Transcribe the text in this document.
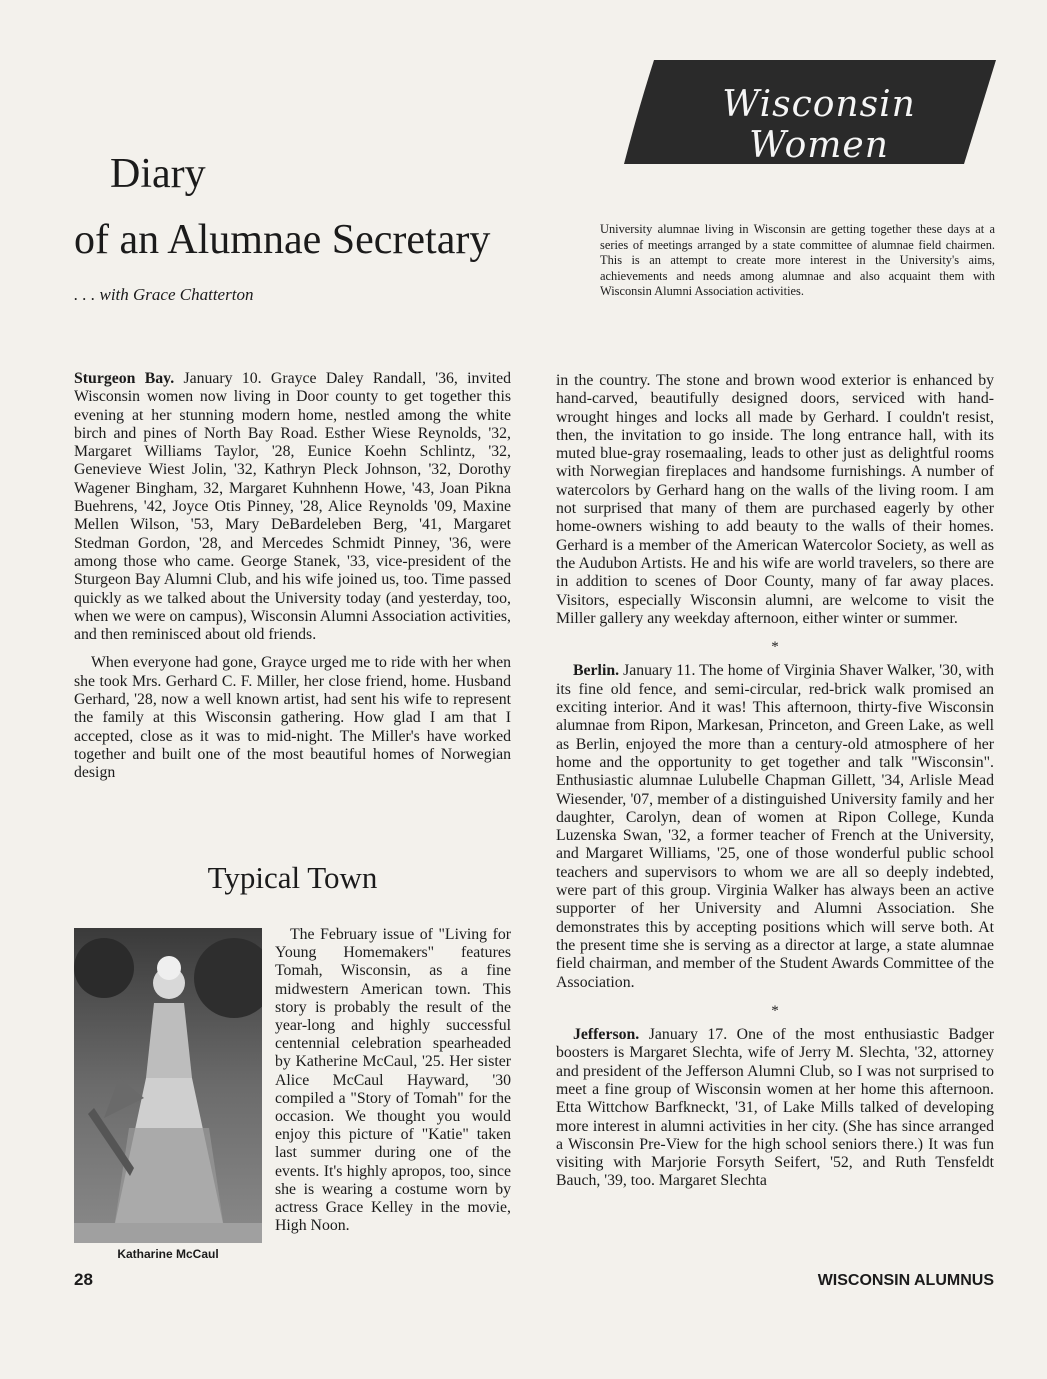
Wisconsin Women
Diary
of an Alumnae Secretary
. . . with Grace Chatterton
University alumnae living in Wisconsin are getting together these days at a series of meetings arranged by a state committee of alumnae field chairmen. This is an attempt to create more interest in the University's aims, achievements and needs among alumnae and also acquaint them with Wisconsin Alumni Association activities.

Sturgeon Bay. January 10. Grayce Daley Randall, '36, invited Wisconsin women now living in Door county to get together this evening at her stunning modern home, nestled among the white birch and pines of North Bay Road. Esther Wiese Reynolds, '32, Margaret Williams Taylor, '28, Eunice Koehn Schlintz, '32, Genevieve Wiest Jolin, '32, Kathryn Pleck Johnson, '32, Dorothy Wagener Bingham, 32, Margaret Kuhnhenn Howe, '43, Joan Pikna Buehrens, '42, Joyce Otis Pinney, '28, Alice Reynolds '09, Maxine Mellen Wilson, '53, Mary DeBardeleben Berg, '41, Margaret Stedman Gordon, '28, and Mercedes Schmidt Pinney, '36, were among those who came. George Stanek, '33, vice-president of the Sturgeon Bay Alumni Club, and his wife joined us, too. Time passed quickly as we talked about the University today (and yesterday, too, when we were on campus), Wisconsin Alumni Association activities, and then reminisced about old friends.

When everyone had gone, Grayce urged me to ride with her when she took Mrs. Gerhard C. F. Miller, her close friend, home. Husband Gerhard, '28, now a well known artist, had sent his wife to represent the family at this Wisconsin gathering. How glad I am that I accepted, close as it was to mid-night. The Miller's have worked together and built one of the most beautiful homes of Norwegian design

Typical Town
Katharine McCaul

The February issue of "Living for Young Homemakers" features Tomah, Wisconsin, as a fine midwestern American town. This story is probably the result of the year-long and highly successful centennial celebration spearheaded by Katherine McCaul, '25. Her sister Alice McCaul Hayward, '30 compiled a "Story of Tomah" for the occasion. We thought you would enjoy this picture of "Katie" taken last summer during one of the events. It's highly apropos, too, since she is wearing a costume worn by actress Grace Kelley in the movie, High Noon.

in the country. The stone and brown wood exterior is enhanced by hand-carved, beautifully designed doors, serviced with hand-wrought hinges and locks all made by Gerhard. I couldn't resist, then, the invitation to go inside. The long entrance hall, with its muted blue-gray rosemaaling, leads to other just as delightful rooms with Norwegian fireplaces and handsome furnishings. A number of watercolors by Gerhard hang on the walls of the living room. I am not surprised that many of them are purchased eagerly by other home-owners wishing to add beauty to the walls of their homes. Gerhard is a member of the American Watercolor Society, as well as the Audubon Artists. He and his wife are world travelers, so there are in addition to scenes of Door County, many of far away places. Visitors, especially Wisconsin alumni, are welcome to visit the Miller gallery any weekday afternoon, either winter or summer.

*

Berlin. January 11. The home of Virginia Shaver Walker, '30, with its fine old fence, and semi-circular, red-brick walk promised an exciting interior. And it was! This afternoon, thirty-five Wisconsin alumnae from Ripon, Markesan, Princeton, and Green Lake, as well as Berlin, enjoyed the more than a century-old atmosphere of her home and the opportunity to get together and talk "Wisconsin". Enthusiastic alumnae Lulubelle Chapman Gillett, '34, Arlisle Mead Wiesender, '07, member of a distinguished University family and her daughter, Carolyn, dean of women at Ripon College, Kunda Luzenska Swan, '32, a former teacher of French at the University, and Margaret Williams, '25, one of those wonderful public school teachers and supervisors to whom we are all so deeply indebted, were part of this group. Virginia Walker has always been an active supporter of her University and Alumni Association. She demonstrates this by accepting positions which will serve both. At the present time she is serving as a director at large, a state alumnae field chairman, and member of the Student Awards Committee of the Association.

*

Jefferson. January 17. One of the most enthusiastic Badger boosters is Margaret Slechta, wife of Jerry M. Slechta, '32, attorney and president of the Jefferson Alumni Club, so I was not surprised to meet a fine group of Wisconsin women at her home this afternoon. Etta Wittchow Barfkneckt, '31, of Lake Mills talked of developing more interest in alumni activities in her city. (She has since arranged a Wisconsin Pre-View for the high school seniors there.) It was fun visiting with Marjorie Forsyth Seifert, '52, and Ruth Tensfeldt Bauch, '39, too. Margaret Slechta

28	WISCONSIN ALUMNUS
